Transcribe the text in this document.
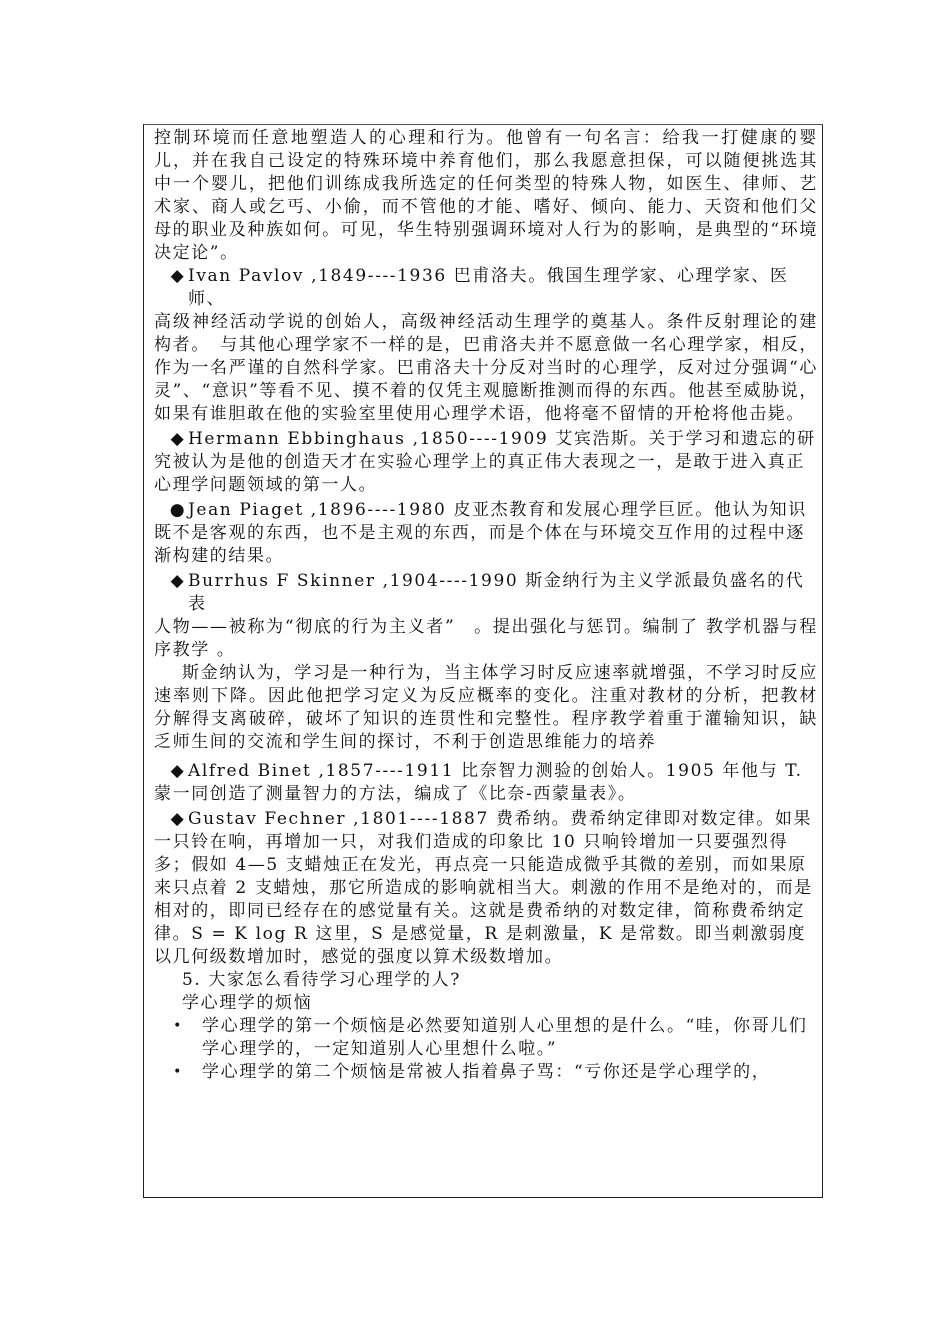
控制环境而任意地塑造人的心理和行为。他曾有一句名言：给我一打健康的婴儿，并在我自己设定的特殊环境中养育他们，那么我愿意担保，可以随便挑选其中一个婴儿，把他们训练成我所选定的任何类型的特殊人物，如医生、律师、艺术家、商人或乞丐、小偷，而不管他的才能、嗜好、倾向、能力、天资和他们父母的职业及种族如何。可见，华生特别强调环境对人行为的影响，是典型的“环境决定论”。

◆ Ivan Pavlov ,1849----1936 巴甫洛夫。俄国生理学家、心理学家、医师、

高级神经活动学说的创始人，高级神经活动生理学的奠基人。条件反射理论的建构者。　与其他心理学家不一样的是，巴甫洛夫并不愿意做一名心理学家，相反，作为一名严谨的自然科学家。巴甫洛夫十分反对当时的心理学，反对过分强调“心灵”、“意识”等看不见、摸不着的仅凭主观臆断推测而得的东西。他甚至威胁说，如果有谁胆敢在他的实验室里使用心理学术语，他将毫不留情的开枪将他击毙。

◆ Hermann Ebbinghaus ,1850----1909 艾宾浩斯。关于学习和遗忘的研究被认为是他的创造天才在实验心理学上的真正伟大表现之一，是敢于进入真正心理学问题领域的第一人。
● Jean Piaget ,1896----1980 皮亚杰教育和发展心理学巨匠。他认为知识既不是客观的东西，也不是主观的东西，而是个体在与环境交互作用的过程中逐渐构建的结果。
◆ Burrhus F Skinner ,1904----1990 斯金纳行为主义学派最负盛名的代表

人物——被称为“彻底的行为主义者”　。提出强化与惩罚。编制了 教学机器与程序教学 。

斯金纳认为，学习是一种行为，当主体学习时反应速率就增强，不学习时反应速率则下降。因此他把学习定义为反应概率的变化。注重对教材的分析，把教材分解得支离破碎，破坏了知识的连贯性和完整性。程序教学着重于灌输知识，缺乏师生间的交流和学生间的探讨，不利于创造思维能力的培养

◆ Alfred Binet ,1857----1911 比奈智力测验的创始人。1905 年他与 T.蒙一同创造了测量智力的方法，编成了《比奈-西蒙量表》。
◆ Gustav Fechner ,1801----1887 费希纳。费希纳定律即对数定律。如果一只铃在响，再增加一只，对我们造成的印象比 10 只响铃增加一只要强烈得多；假如 4—5 支蜡烛正在发光，再点亮一只能造成微乎其微的差别，而如果原来只点着 2 支蜡烛，那它所造成的影响就相当大。刺激的作用不是绝对的，而是相对的，即同已经存在的感觉量有关。这就是费希纳的对数定律，简称费希纳定律。S = K log R 这里，S 是感觉量，R 是刺激量，K 是常数。即当刺激弱度以几何级数增加时，感觉的强度以算术级数增加。

5. 大家怎么看待学习心理学的人?

学心理学的烦恼

•	学心理学的第一个烦恼是必然要知道别人心里想的是什么。“哇，你哥儿们学心理学的，一定知道别人心里想什么啦。”
•	学心理学的第二个烦恼是常被人指着鼻子骂：“亏你还是学心理学的，
